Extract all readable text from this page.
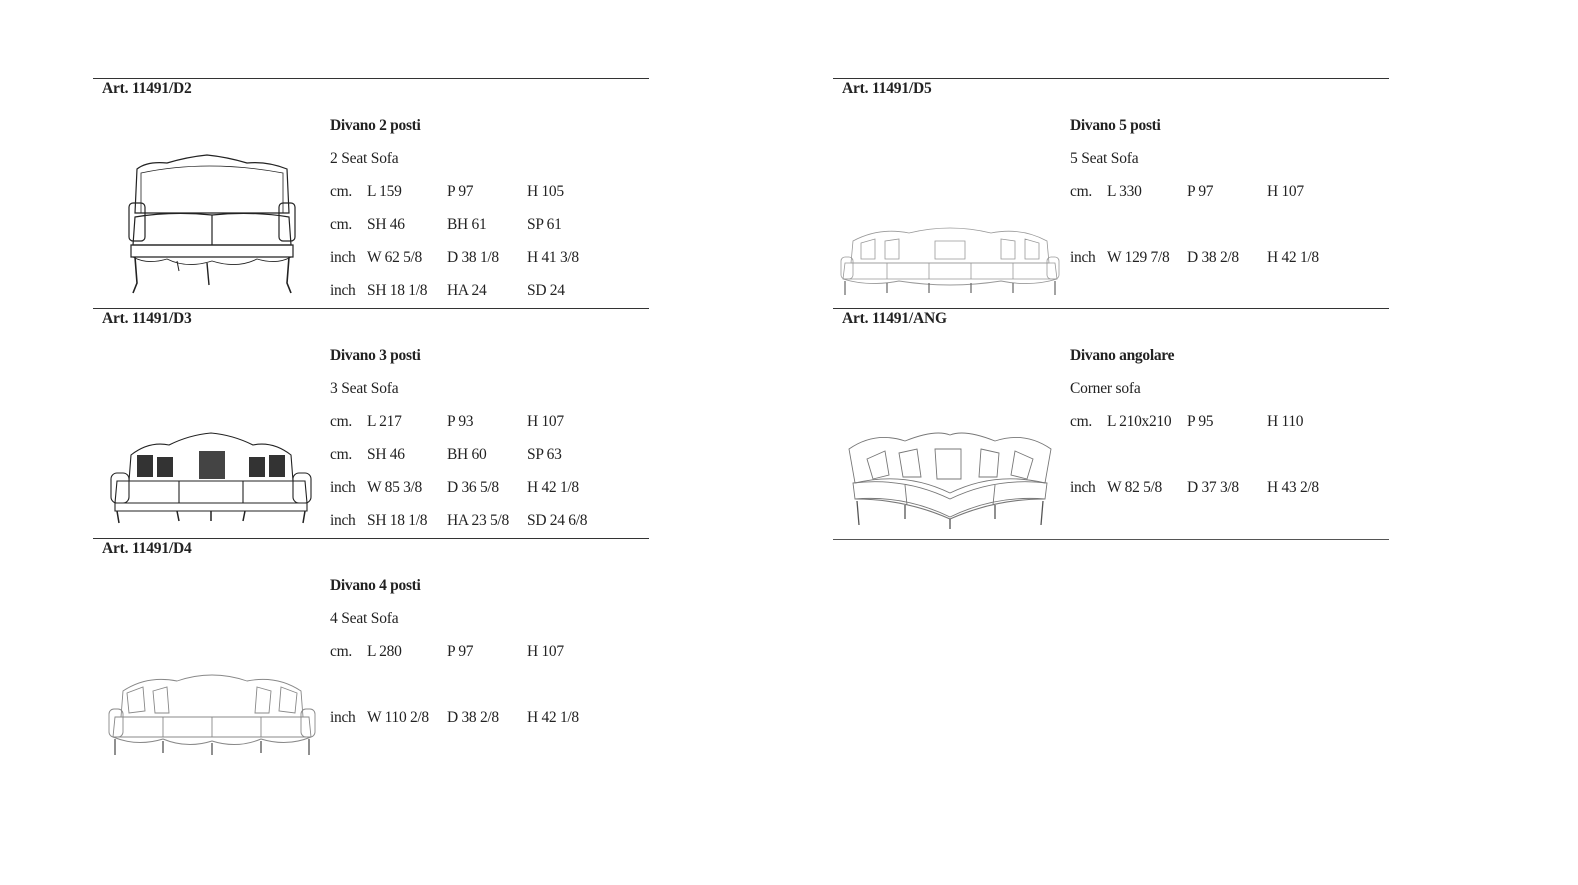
Art. 11491/D2
Divano 2 posti
2 Seat Sofa
cm. L 159	P 97	H 105
cm. SH 46	BH 61	SP 61
inch W 62 5/8 D 38 1/8 H 41 3/8
inch SH 18 1/8 HA 24	SD 24
Art. 11491/D3
Divano 3 posti
3 Seat Sofa
cm. L 217	P 93	H 107
cm. SH 46	BH 60	SP 63
inch W 85 3/8 D 36 5/8 H 42 1/8
inch SH 18 1/8 HA 23 5/8 SD 24 6/8
Art. 11491/D4
Divano 4 posti
4 Seat Sofa
cm. L 280	P 97	H 107
inch W 110 2/8 D 38 2/8 H 42 1/8
Art. 11491/D5
Divano 5 posti
5 Seat Sofa
cm. L 330	P 97	H 107
inch W 129 7/8 D 38 2/8 H 42 1/8
Art. 11491/ANG
Divano angolare
Corner sofa
cm. L 210x210 P 95	H 110
inch W 82 5/8 D 37 3/8 H 43 2/8
